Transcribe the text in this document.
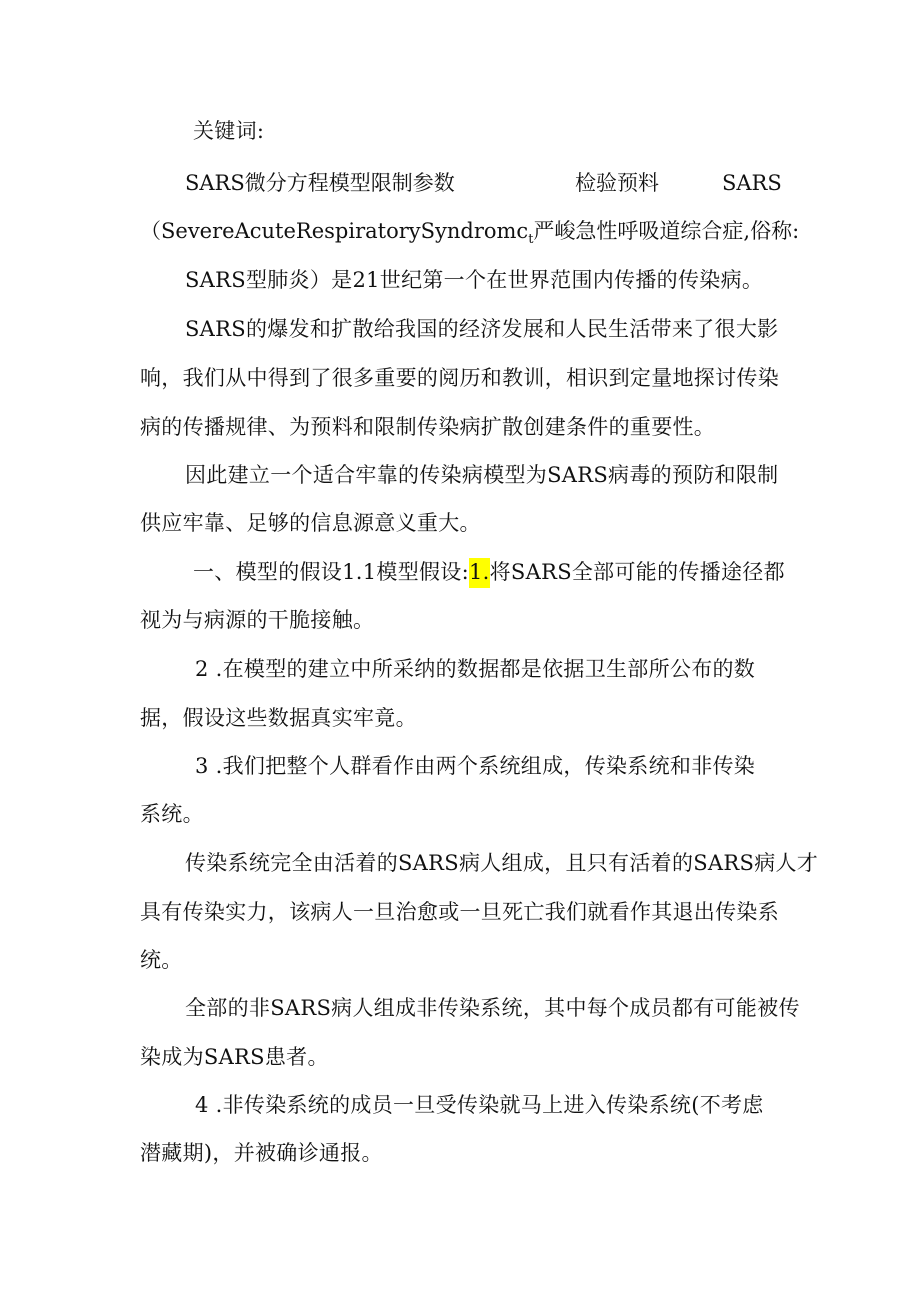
关键词:
SARS微分方程模型限制参数	检验预料	SARS
（SevereAcuteRespiratorySyndromc$_t$严峻急性呼吸道综合症,俗称:
SARS型肺炎）是21世纪第一个在世界范围内传播的传染病。
SARS的爆发和扩散给我国的经济发展和人民生活带来了很大影
响，我们从中得到了很多重要的阅历和教训，相识到定量地探讨传染
病的传播规律、为预料和限制传染病扩散创建条件的重要性。
因此建立一个适合牢靠的传染病模型为SARS病毒的预防和限制
供应牢靠、足够的信息源意义重大。
一、模型的假设1.1模型假设:1.将SARS全部可能的传播途径都
视为与病源的干脆接触。
2 .在模型的建立中所采纳的数据都是依据卫生部所公布的数
据，假设这些数据真实牢竟。
3 .我们把整个人群看作由两个系统组成，传染系统和非传染
系统。
传染系统完全由活着的SARS病人组成，且只有活着的SARS病人才
具有传染实力，该病人一旦治愈或一旦死亡我们就看作其退出传染系
统。
全部的非SARS病人组成非传染系统，其中每个成员都有可能被传
染成为SARS患者。
4 .非传染系统的成员一旦受传染就马上进入传染系统(不考虑
潜藏期)，并被确诊通报。
